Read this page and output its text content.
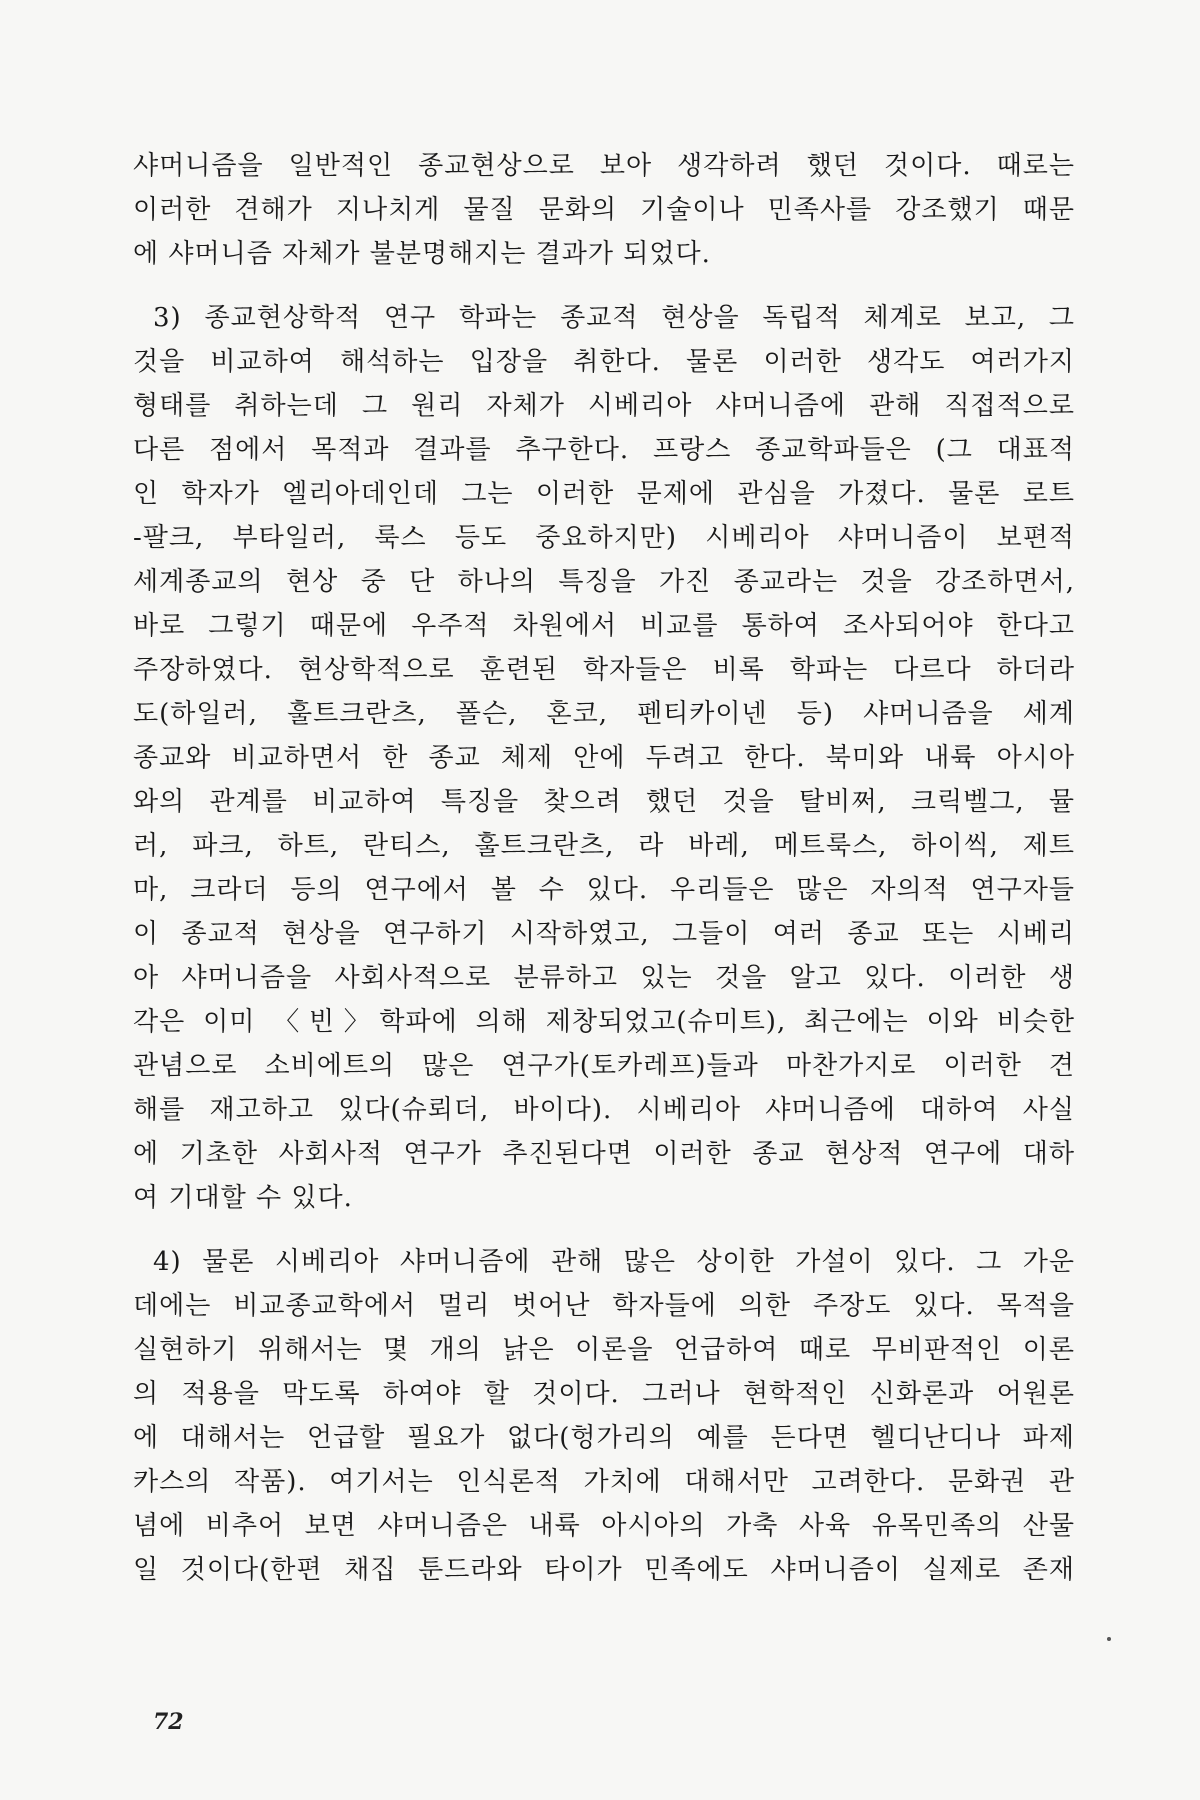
샤머니즘을 일반적인 종교현상으로 보아 생각하려 했던 것이다. 때로는
이러한 견해가 지나치게 물질 문화의 기술이나 민족사를 강조했기 때문
에 샤머니즘 자체가 불분명해지는 결과가 되었다.
3) 종교현상학적 연구 학파는 종교적 현상을 독립적 체계로 보고, 그
것을 비교하여 해석하는 입장을 취한다. 물론 이러한 생각도 여러가지
형태를 취하는데 그 원리 자체가 시베리아 샤머니즘에 관해 직접적으로
다른 점에서 목적과 결과를 추구한다. 프랑스 종교학파들은 (그 대표적
인 학자가 엘리아데인데 그는 이러한 문제에 관심을 가졌다. 물론 로트
-팔크, 부타일러, 룩스 등도 중요하지만) 시베리아 샤머니즘이 보편적
세계종교의 현상 중 단 하나의 특징을 가진 종교라는 것을 강조하면서,
바로 그렇기 때문에 우주적 차원에서 비교를 통하여 조사되어야 한다고
주장하였다. 현상학적으로 훈련된 학자들은 비록 학파는 다르다 하더라
도(하일러, 훌트크란츠, 폴슨, 혼코, 펜티카이넨 등) 샤머니즘을 세계
종교와 비교하면서 한 종교 체제 안에 두려고 한다. 북미와 내륙 아시아
와의 관계를 비교하여 특징을 찾으려 했던 것을 탈비쩌, 크릭벨그, 뮬
러, 파크, 하트, 란티스, 훌트크란츠, 라 바레, 메트룩스, 하이씩, 제트
마, 크라더 등의 연구에서 볼 수 있다. 우리들은 많은 자의적 연구자들
이 종교적 현상을 연구하기 시작하였고, 그들이 여러 종교 또는 시베리
아 샤머니즘을 사회사적으로 분류하고 있는 것을 알고 있다. 이러한 생
각은 이미 〈빈〉학파에 의해 제창되었고(슈미트), 최근에는 이와 비슷한
관념으로 소비에트의 많은 연구가(토카레프)들과 마찬가지로 이러한 견
해를 재고하고 있다(슈뢰더, 바이다). 시베리아 샤머니즘에 대하여 사실
에 기초한 사회사적 연구가 추진된다면 이러한 종교 현상적 연구에 대하
여 기대할 수 있다.
4) 물론 시베리아 샤머니즘에 관해 많은 상이한 가설이 있다. 그 가운
데에는 비교종교학에서 멀리 벗어난 학자들에 의한 주장도 있다. 목적을
실현하기 위해서는 몇 개의 낡은 이론을 언급하여 때로 무비판적인 이론
의 적용을 막도록 하여야 할 것이다. 그러나 현학적인 신화론과 어원론
에 대해서는 언급할 필요가 없다(헝가리의 예를 든다면 헬디난디나 파제
카스의 작품). 여기서는 인식론적 가치에 대해서만 고려한다. 문화권 관
념에 비추어 보면 샤머니즘은 내륙 아시아의 가축 사육 유목민족의 산물
일 것이다(한편 채집 툰드라와 타이가 민족에도 샤머니즘이 실제로 존재
72
